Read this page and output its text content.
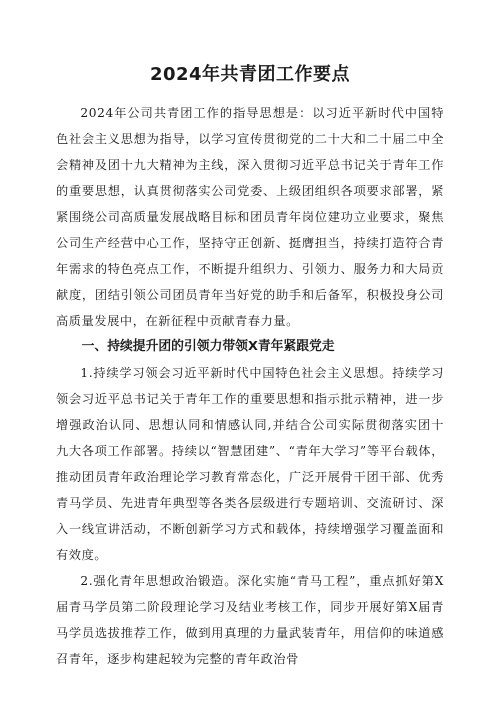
2024年共青团工作要点

2024年公司共青团工作的指导思想是：以习近平新时代中国特色社会主义思想为指导，以学习宣传贯彻党的二十大和二十届二中全会精神及团十九大精神为主线，深入贯彻习近平总书记关于青年工作的重要思想，认真贯彻落实公司党委、上级团组织各项要求部署，紧紧围绕公司高质量发展战略目标和团员青年岗位建功立业要求，聚焦公司生产经营中心工作，坚持守正创新、挺膺担当，持续打造符合青年需求的特色亮点工作，不断提升组织力、引领力、服务力和大局贡献度，团结引领公司团员青年当好党的助手和后备军，积极投身公司高质量发展中，在新征程中贡献青春力量。

一、持续提升团的引领力带领X青年紧跟党走

1.持续学习领会习近平新时代中国特色社会主义思想。持续学习领会习近平总书记关于青年工作的重要思想和指示批示精神，进一步增强政治认同、思想认同和情感认同,并结合公司实际贯彻落实团十九大各项工作部署。持续以“智慧团建”、“青年大学习”等平台载体，推动团员青年政治理论学习教育常态化，广泛开展骨干团干部、优秀青马学员、先进青年典型等各类各层级进行专题培训、交流研讨、深入一线宣讲活动，不断创新学习方式和载体，持续增强学习覆盖面和有效度。

2.强化青年思想政治锻造。深化实施“青马工程”，重点抓好第X届青马学员第二阶段理论学习及结业考核工作，同步开展好第X届青马学员选拔推荐工作，做到用真理的力量武装青年，用信仰的味道感召青年，逐步构建起较为完整的青年政治骨
